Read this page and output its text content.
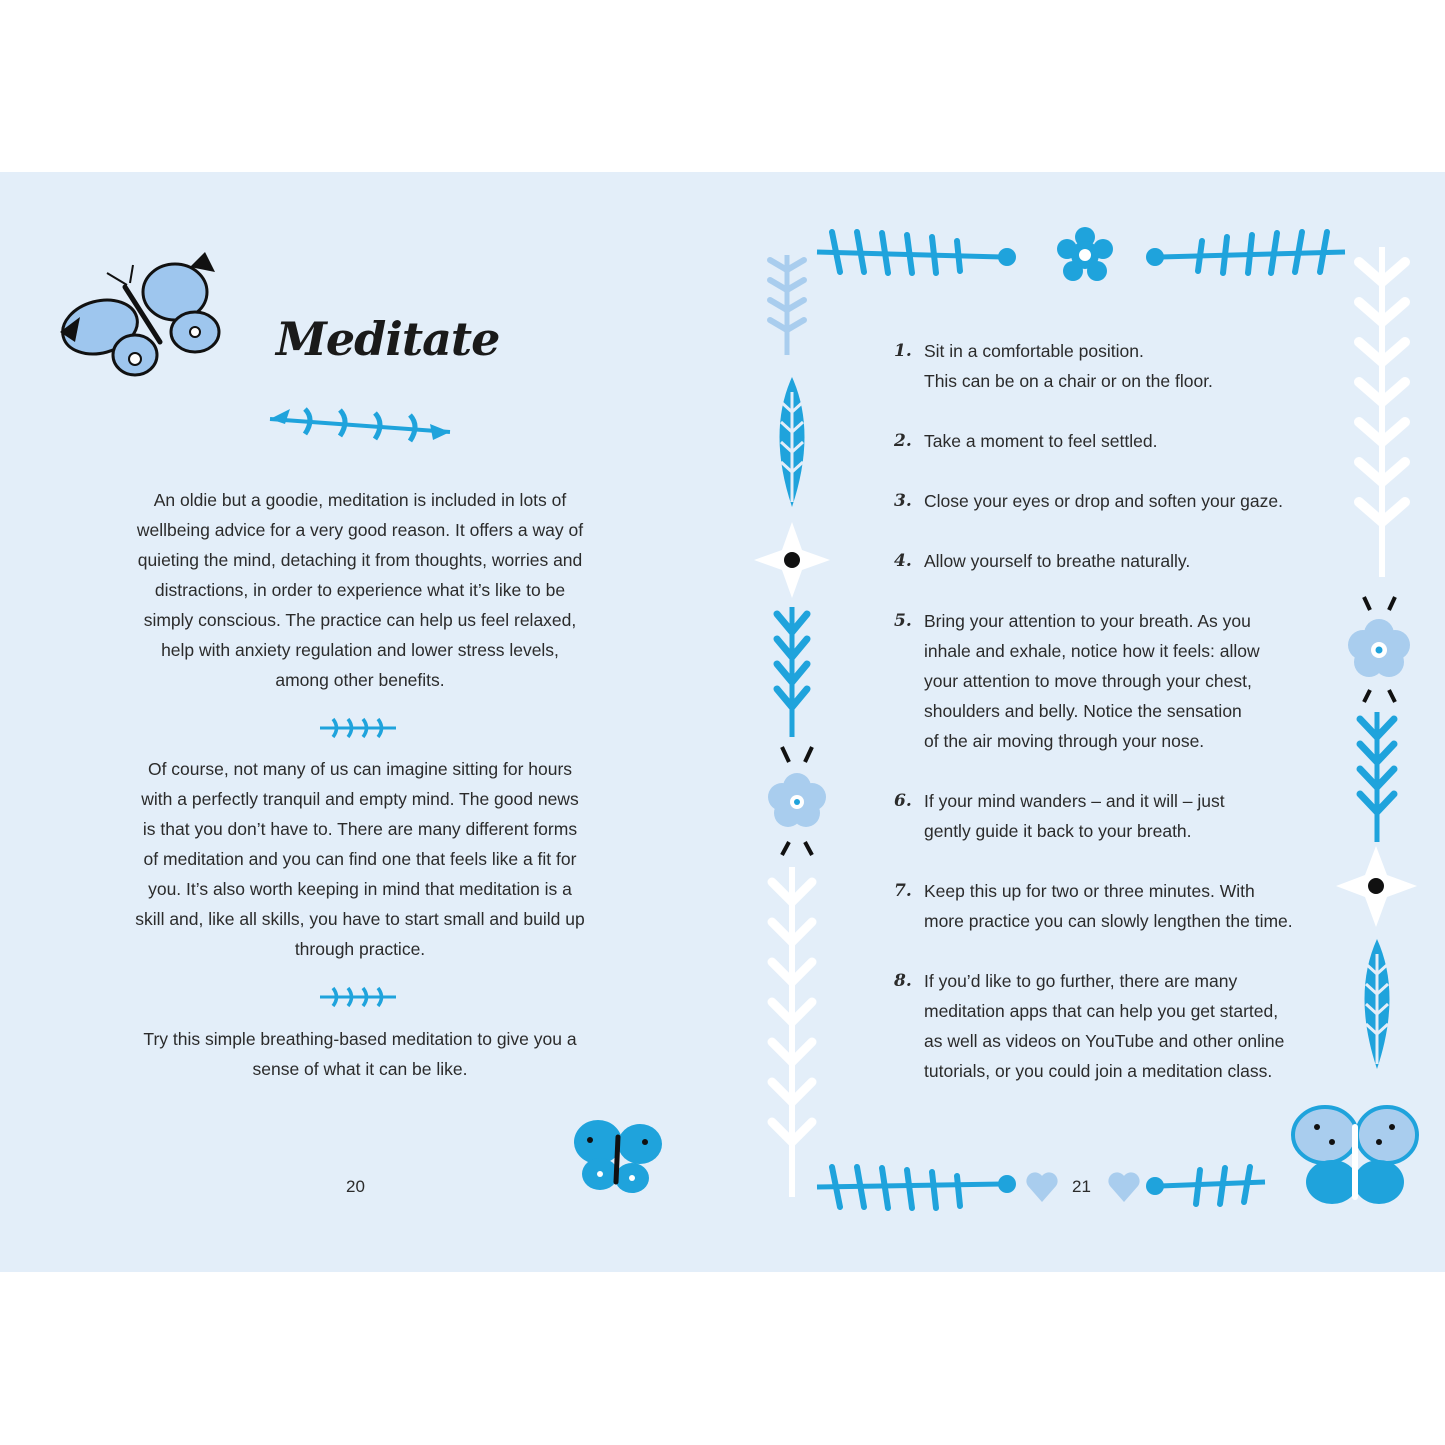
Meditate
An oldie but a goodie, meditation is included in lots of wellbeing advice for a very good reason. It offers a way of quieting the mind, detaching it from thoughts, worries and distractions, in order to experience what it’s like to be simply conscious. The practice can help us feel relaxed, help with anxiety regulation and lower stress levels, among other benefits.
Of course, not many of us can imagine sitting for hours with a perfectly tranquil and empty mind. The good news is that you don’t have to. There are many different forms of meditation and you can find one that feels like a fit for you. It’s also worth keeping in mind that meditation is a skill and, like all skills, you have to start small and build up through practice.
Try this simple breathing-based meditation to give you a sense of what it can be like.
20	21
1. Sit in a comfortable position.
This can be on a chair or on the floor.
2. Take a moment to feel settled.
3. Close your eyes or drop and soften your gaze.
4. Allow yourself to breathe naturally.
5. Bring your attention to your breath. As you
inhale and exhale, notice how it feels: allow
your attention to move through your chest,
shoulders and belly. Notice the sensation
of the air moving through your nose.
6. If your mind wanders – and it will – just
gently guide it back to your breath.
7. Keep this up for two or three minutes. With
more practice you can slowly lengthen the time.
8. If you’d like to go further, there are many
meditation apps that can help you get started,
as well as videos on YouTube and other online
tutorials, or you could join a meditation class.
